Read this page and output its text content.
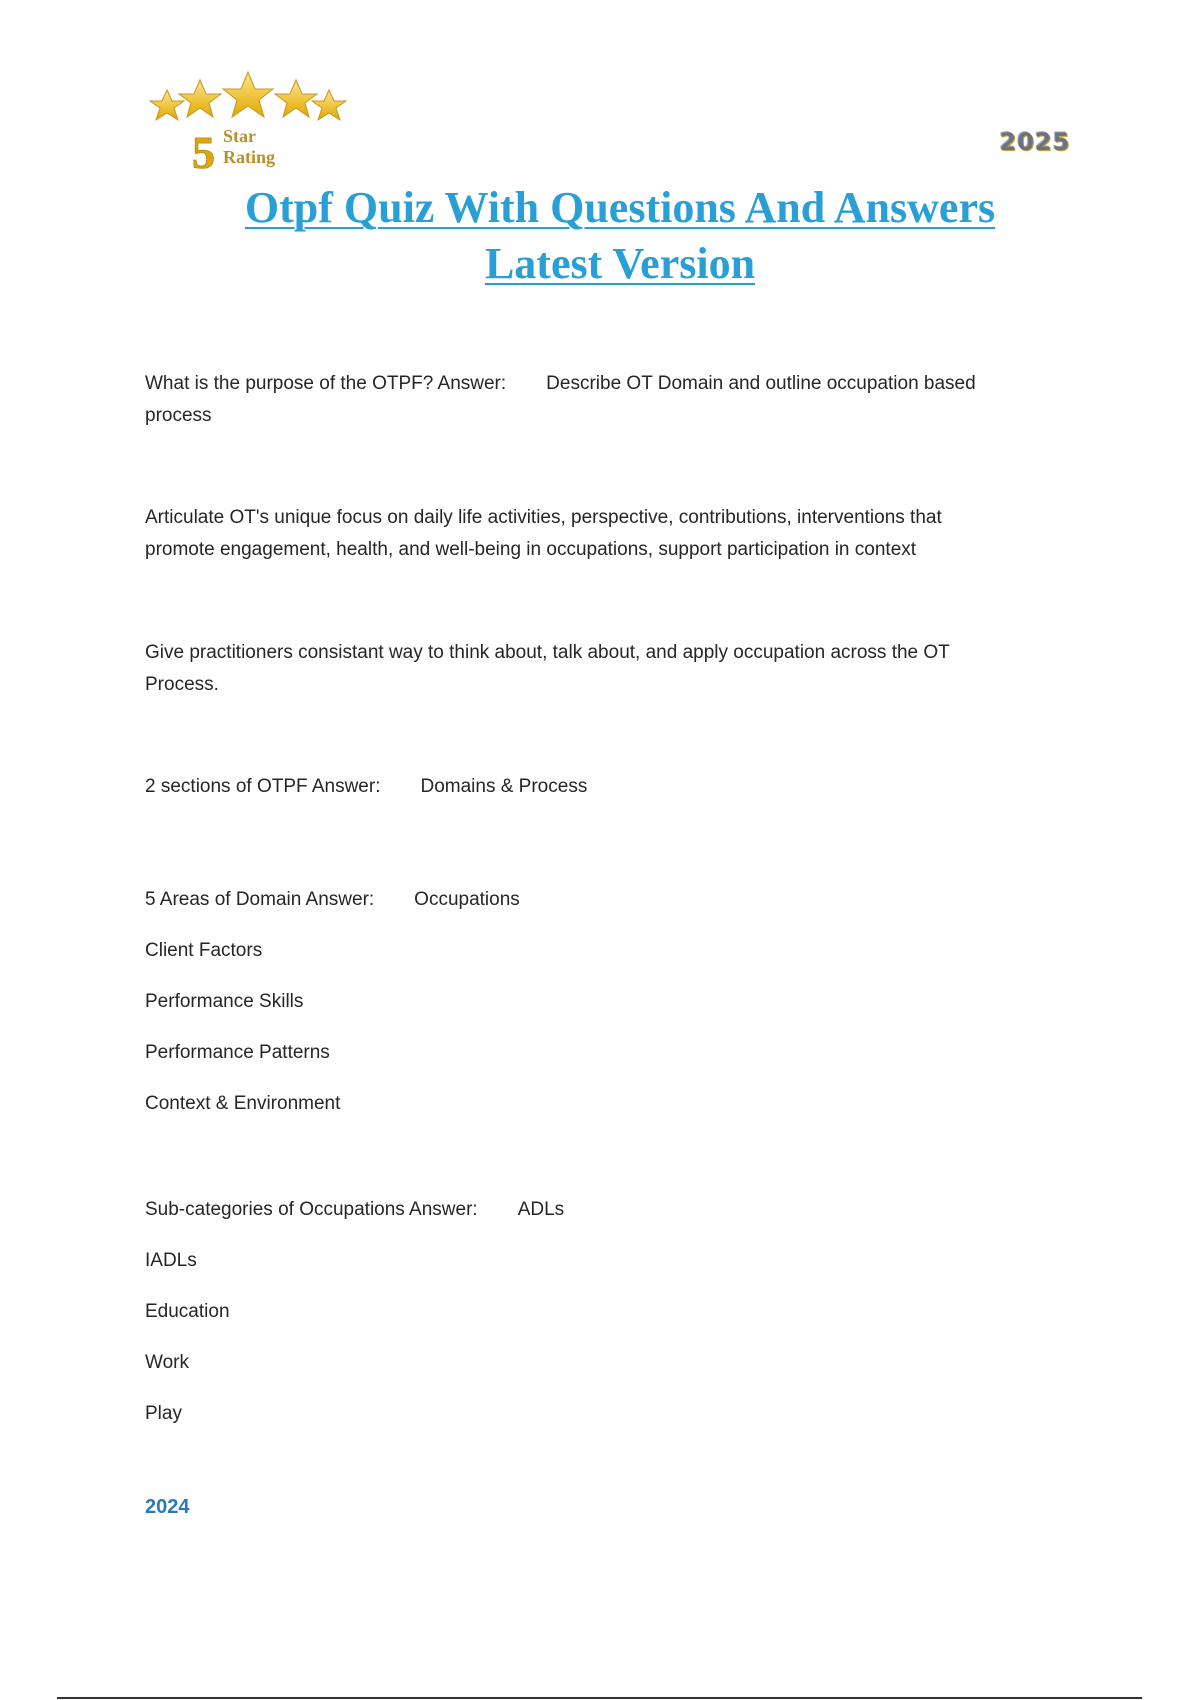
5 Star
Rating
2025
Otpf Quiz With Questions And Answers
Latest Version
What is the purpose of the OTPF? Answer: Describe OT Domain and outline occupation based
process
Articulate OT's unique focus on daily life activities, perspective, contributions, interventions that
promote engagement, health, and well-being in occupations, support participation in context
Give practitioners consistant way to think about, talk about, and apply occupation across the OT
Process.
2 sections of OTPF Answer: Domains & Process
5 Areas of Domain Answer: Occupations
Client Factors
Performance Skills
Performance Patterns
Context & Environment
Sub-categories of Occupations Answer: ADLs
IADLs
Education
Work
Play
2024
